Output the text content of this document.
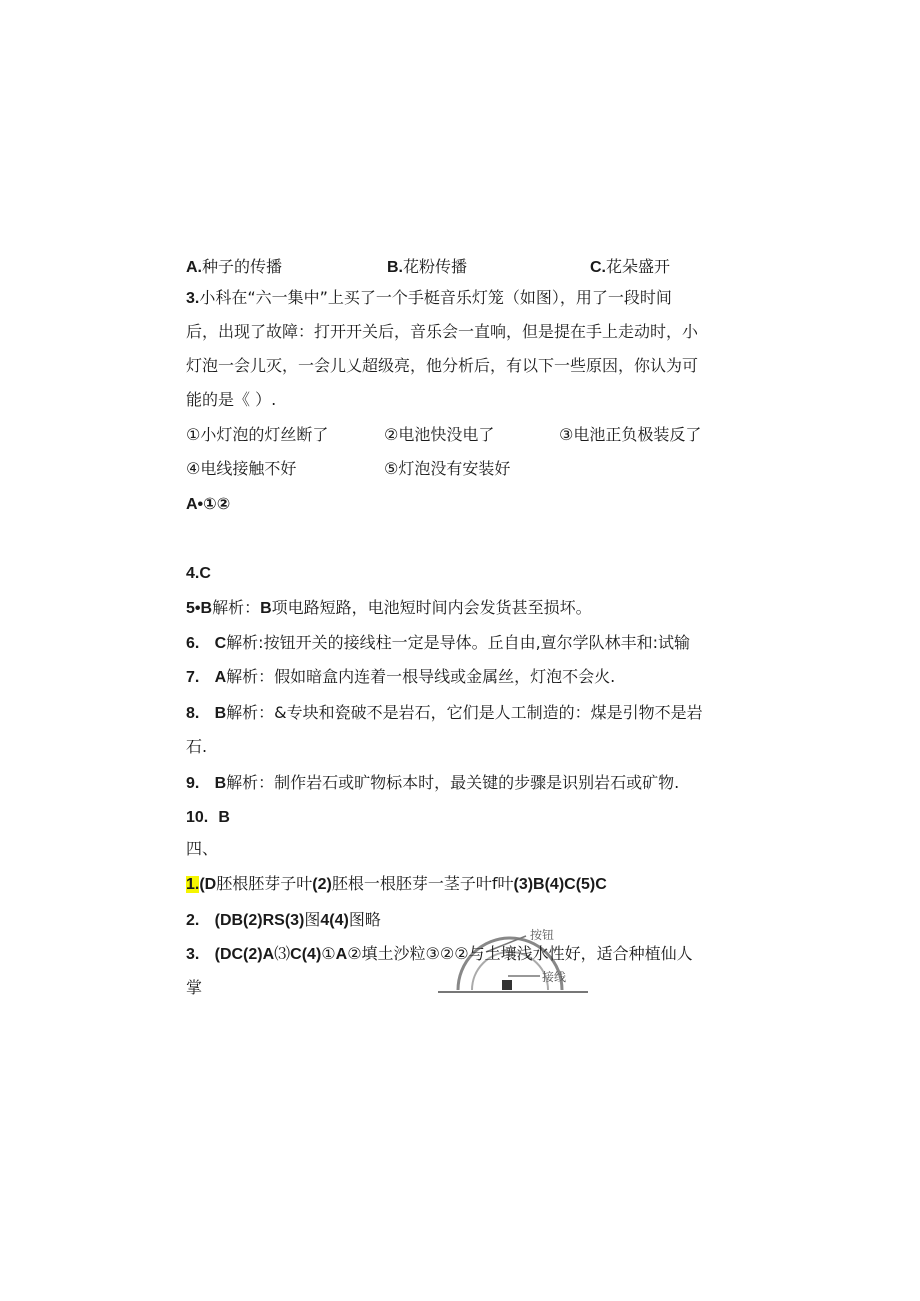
A.种子的传播	B.花粉传播	C.花朵盛开
3.小科在“六一集中”上买了一个手梃音乐灯笼（如图），用了一段时间
后，出现了故障：打开开关后，音乐会一直响，但是提在手上走动时，小
灯泡一会儿灭，一会儿乂超级亮，他分析后，有以下一些原因，你认为可
能的是《 ）.
①小灯泡的灯丝断了	②电池快没电了	③电池正负极装反了
④电线接触不好	⑤灯泡没有安装好
A•①②
4.C
5•B解析：B项电路短路，电池短时间内会发货甚至损坏。
6. C解析:按钮开关的接线柱一定是导体。丘自由,亶尔学队林丰和:试输
7. A解析：假如暗盒内连着一根导线或金属丝，灯泡不会火.
8. B解析：&专块和瓷破不是岩石，它们是人工制造的：煤是引物不是岩
石.
9. B解析：制作岩石或旷物标本时，最关键的步骤是识别岩石或矿物.
10. B
四、
1.(D胚根胚芽子叶(2)胚根一根胚芽一茎子叶f叶(3)B(4)C(5)C
2. (DB(2)RS(3)图4(4)图略
按钮
接线
3. (DC(2)A⑶C(4)①A②填土沙粒③②②与土壤浅水性好，适合种植仙人
掌
